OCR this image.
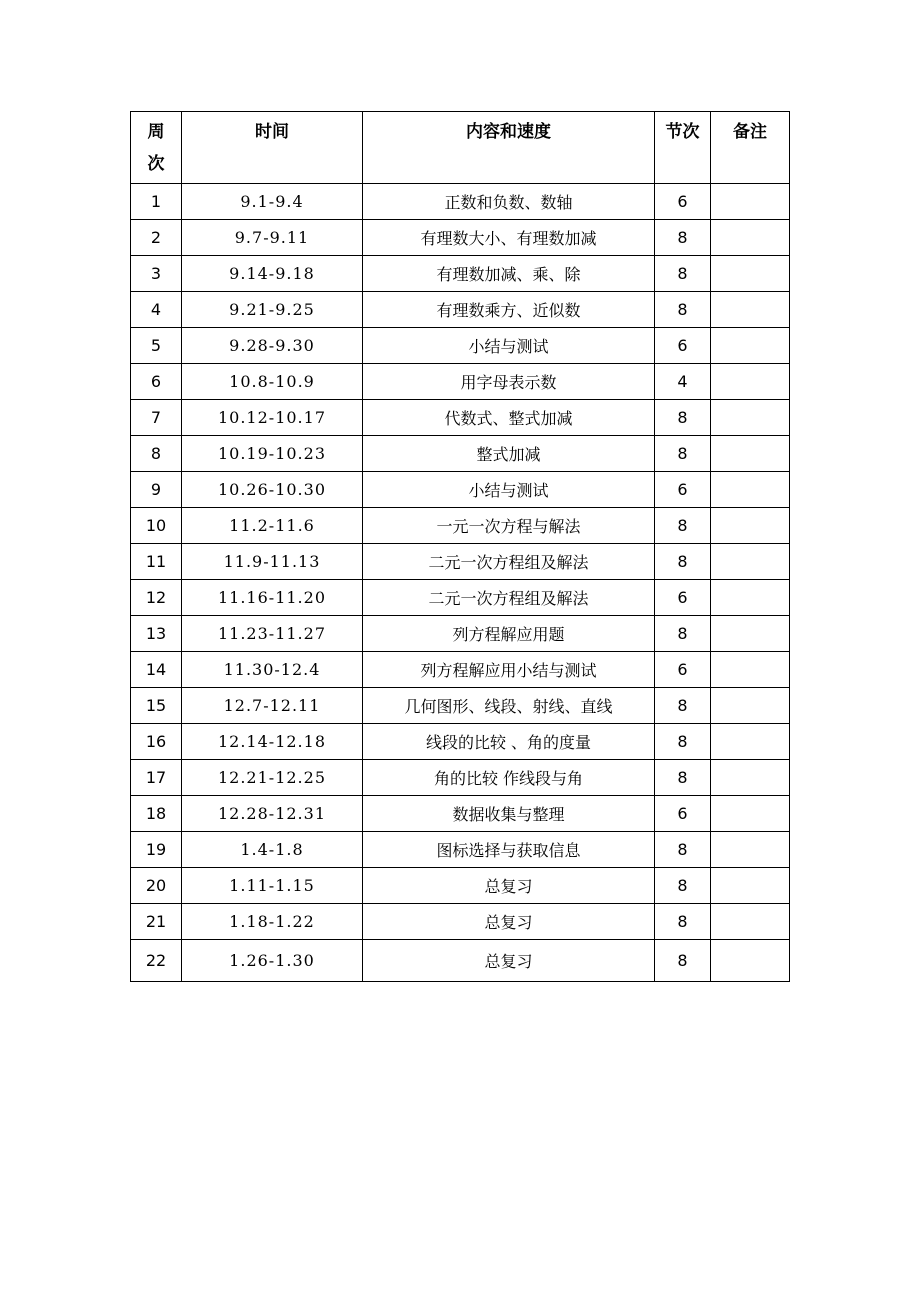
周
次	时间	内容和速度	节次	备注
1	9.1-9.4	正数和负数、数轴	6	
2	9.7-9.11	有理数大小、有理数加减	8	
3	9.14-9.18	有理数加减、乘、除	8	
4	9.21-9.25	有理数乘方、近似数	8	
5	9.28-9.30	小结与测试	6	
6	10.8-10.9	用字母表示数	4	
7	10.12-10.17	代数式、整式加减	8	
8	10.19-10.23	整式加减	8	
9	10.26-10.30	小结与测试	6	
10	11.2-11.6	一元一次方程与解法	8	
11	11.9-11.13	二元一次方程组及解法	8	
12	11.16-11.20	二元一次方程组及解法	6	
13	11.23-11.27	列方程解应用题	8	
14	11.30-12.4	列方程解应用小结与测试	6	
15	12.7-12.11	几何图形、线段、射线、直线	8	
16	12.14-12.18	线段的比较 、角的度量	8	
17	12.21-12.25	角的比较 作线段与角	8	
18	12.28-12.31	数据收集与整理	6	
19	1.4-1.8	图标选择与获取信息	8	
20	1.11-1.15	总复习	8	
21	1.18-1.22	总复习	8	
22	1.26-1.30	总复习	8	
